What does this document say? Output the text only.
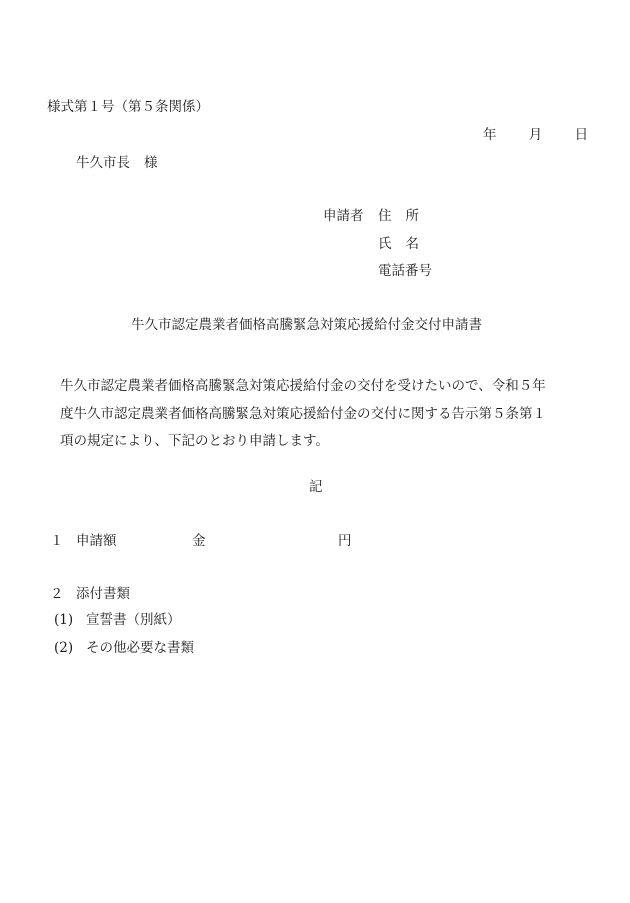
様式第１号（第５条関係）
年 月 日
牛久市長 様
申請者 住所
氏名
電話番号
牛久市認定農業者価格高騰緊急対策応援給付金交付申請書
牛久市認定農業者価格高騰緊急対策応援給付金の交付を受けたいので、令和５年
度牛久市認定農業者価格高騰緊急対策応援給付金の交付に関する告示第５条第１
項の規定により、下記のとおり申請します。
記
１ 申請額	金	円
２ 添付書類
(1) 宣誓書（別紙）
(2) その他必要な書類
